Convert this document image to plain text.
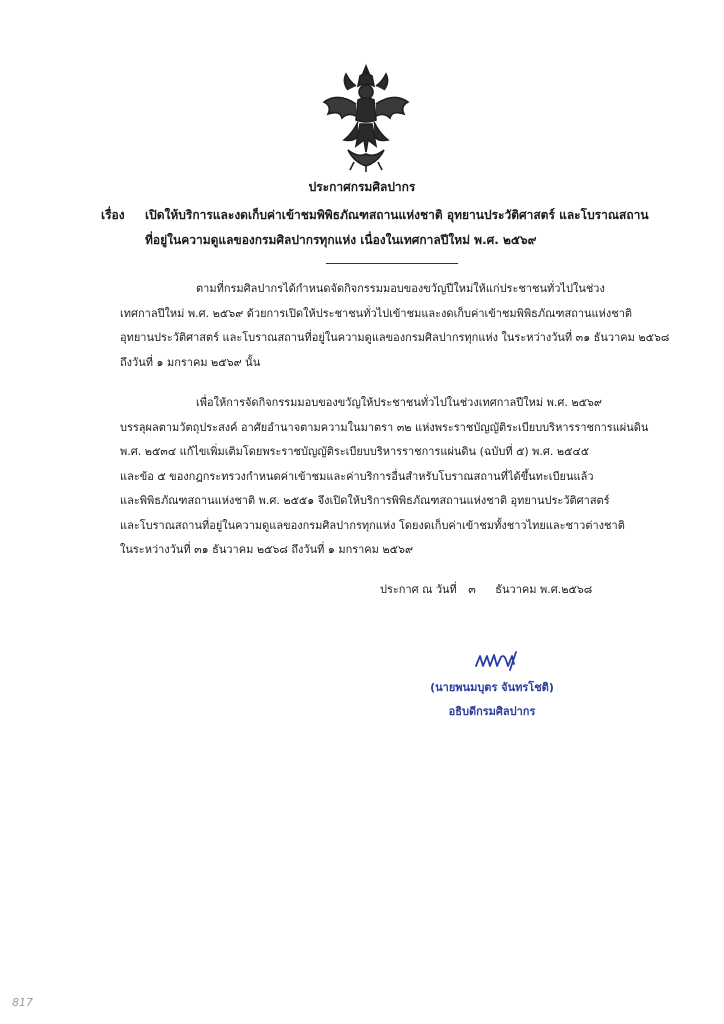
ประกาศกรมศิลปากร
เรื่อง	เปิดให้บริการและงดเก็บค่าเข้าชมพิพิธภัณฑสถานแห่งชาติ อุทยานประวัติศาสตร์ และโบราณสถาน
ที่อยู่ในความดูแลของกรมศิลปากรทุกแห่ง เนื่องในเทศกาลปีใหม่ พ.ศ. ๒๕๖๙
ตามที่กรมศิลปากรได้กำหนดจัดกิจกรรมมอบของขวัญปีใหม่ให้แก่ประชาชนทั่วไปในช่วง
เทศกาลปีใหม่ พ.ศ. ๒๕๖๙ ด้วยการเปิดให้ประชาชนทั่วไปเข้าชมและงดเก็บค่าเข้าชมพิพิธภัณฑสถานแห่งชาติ
อุทยานประวัติศาสตร์ และโบราณสถานที่อยู่ในความดูแลของกรมศิลปากรทุกแห่ง ในระหว่างวันที่ ๓๑ ธันวาคม ๒๕๖๘
ถึงวันที่ ๑ มกราคม ๒๕๖๙ นั้น
เพื่อให้การจัดกิจกรรมมอบของขวัญให้ประชาชนทั่วไปในช่วงเทศกาลปีใหม่ พ.ศ. ๒๕๖๙
บรรลุผลตามวัตถุประสงค์ อาศัยอำนาจตามความในมาตรา ๓๒ แห่งพระราชบัญญัติระเบียบบริหารราชการแผ่นดิน
พ.ศ. ๒๕๓๔ แก้ไขเพิ่มเติมโดยพระราชบัญญัติระเบียบบริหารราชการแผ่นดิน (ฉบับที่ ๕) พ.ศ. ๒๕๔๕
และข้อ ๕ ของกฎกระทรวงกำหนดค่าเข้าชมและค่าบริการอื่นสำหรับโบราณสถานที่ได้ขึ้นทะเบียนแล้ว
และพิพิธภัณฑสถานแห่งชาติ พ.ศ. ๒๕๕๑ จึงเปิดให้บริการพิพิธภัณฑสถานแห่งชาติ อุทยานประวัติศาสตร์
และโบราณสถานที่อยู่ในความดูแลของกรมศิลปากรทุกแห่ง โดยงดเก็บค่าเข้าชมทั้งชาวไทยและชาวต่างชาติ
ในระหว่างวันที่ ๓๑ ธันวาคม ๒๕๖๘ ถึงวันที่ ๑ มกราคม ๒๕๖๙
ประกาศ ณ วันที่ ๓ ธันวาคม พ.ศ.๒๕๖๘
(นายพนมบุตร จันทรโชติ)
อธิบดีกรมศิลปากร
817
